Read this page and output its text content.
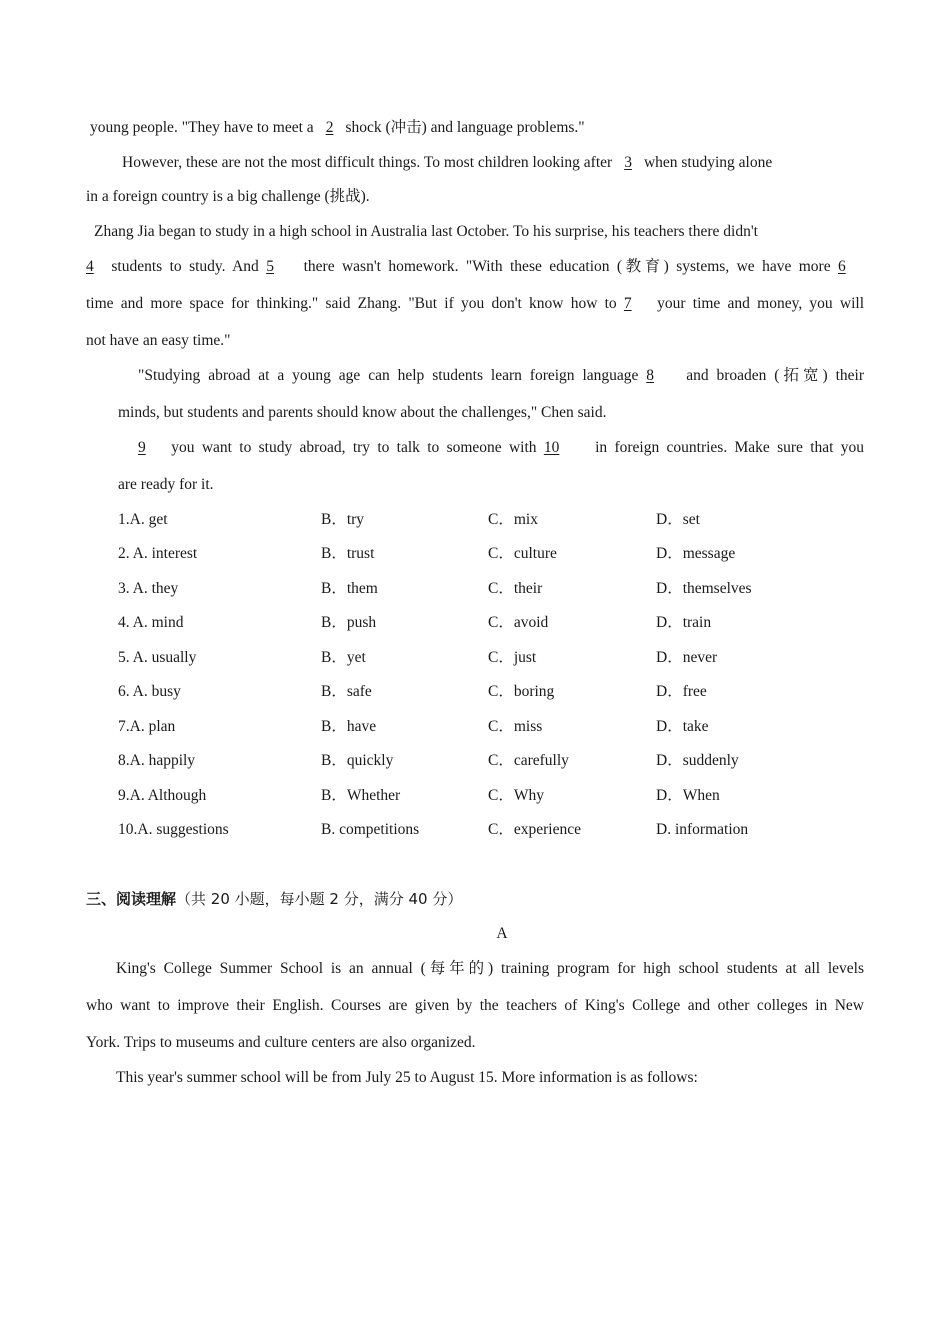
young people. "They have to meet a 2 shock (冲击) and language problems."
However, these are not the most difficult things. To most children looking after 3 when studying alone
in a foreign country is a big challenge (挑战).
Zhang Jia began to study in a high school in Australia last October. To his surprise, his teachers there didn't
4 students to study. And 5 there wasn't homework. "With these education (教育) systems, we have more 6
time and more space for thinking." said Zhang. "But if you don't know how to 7 your time and money, you will
not have an easy time."
"Studying abroad at a young age can help students learn foreign language 8 and broaden (拓宽) their
minds, but students and parents should know about the challenges," Chen said.
9 you want to study abroad, try to talk to someone with 10 in foreign countries. Make sure that you
are ready for it.
1.A. get	B．try	C．mix	D．set
2. A. interest	B．trust	C．culture	D．message
3. A. they	B．them	C．their	D．themselves
4. A. mind	B．push	C．avoid	D．train
5. A. usually	B．yet	C．just	D．never
6. A. busy	B．safe	C．boring	D．free
7.A. plan	B．have	C．miss	D．take
8.A. happily	B．quickly	C．carefully	D．suddenly
9.A. Although	B．Whether	C．Why	D．When
10.A. suggestions	B. competitions	C．experience	D. information
三、阅读理解（共 20 小题，每小题 2 分，满分 40 分）
A
King's College Summer School is an annual (每年的) training program for high school students at all levels
who want to improve their English. Courses are given by the teachers of King's College and other colleges in New
York. Trips to museums and culture centers are also organized.
This year's summer school will be from July 25 to August 15. More information is as follows:
